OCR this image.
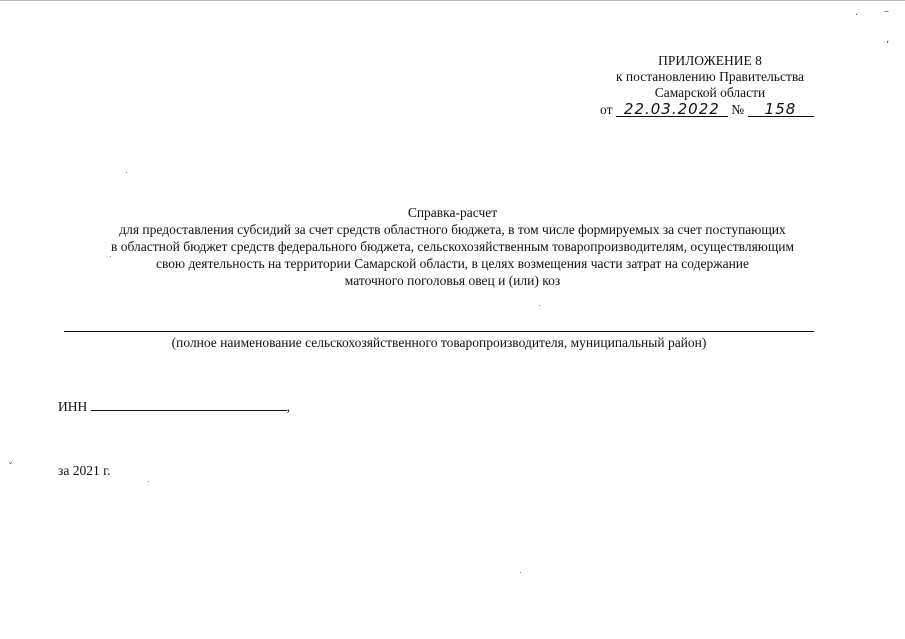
–
·
ʼ
ˇ
ПРИЛОЖЕНИЕ 8
к постановлению Правительства
Самарской области
от 22.03.2022 № 158
Справка-расчет
для предоставления субсидий за счет средств областного бюджета, в том числе формируемых за счет поступающих
в областной бюджет средств федерального бюджета, сельскохозяйственным товаропроизводителям, осуществляющим
свою деятельность на территории Самарской области, в целях возмещения части затрат на содержание
маточного поголовья овец и (или) коз
(полное наименование сельскохозяйственного товаропроизводителя, муниципальный район)
ИНН	,
за 2021 г.
